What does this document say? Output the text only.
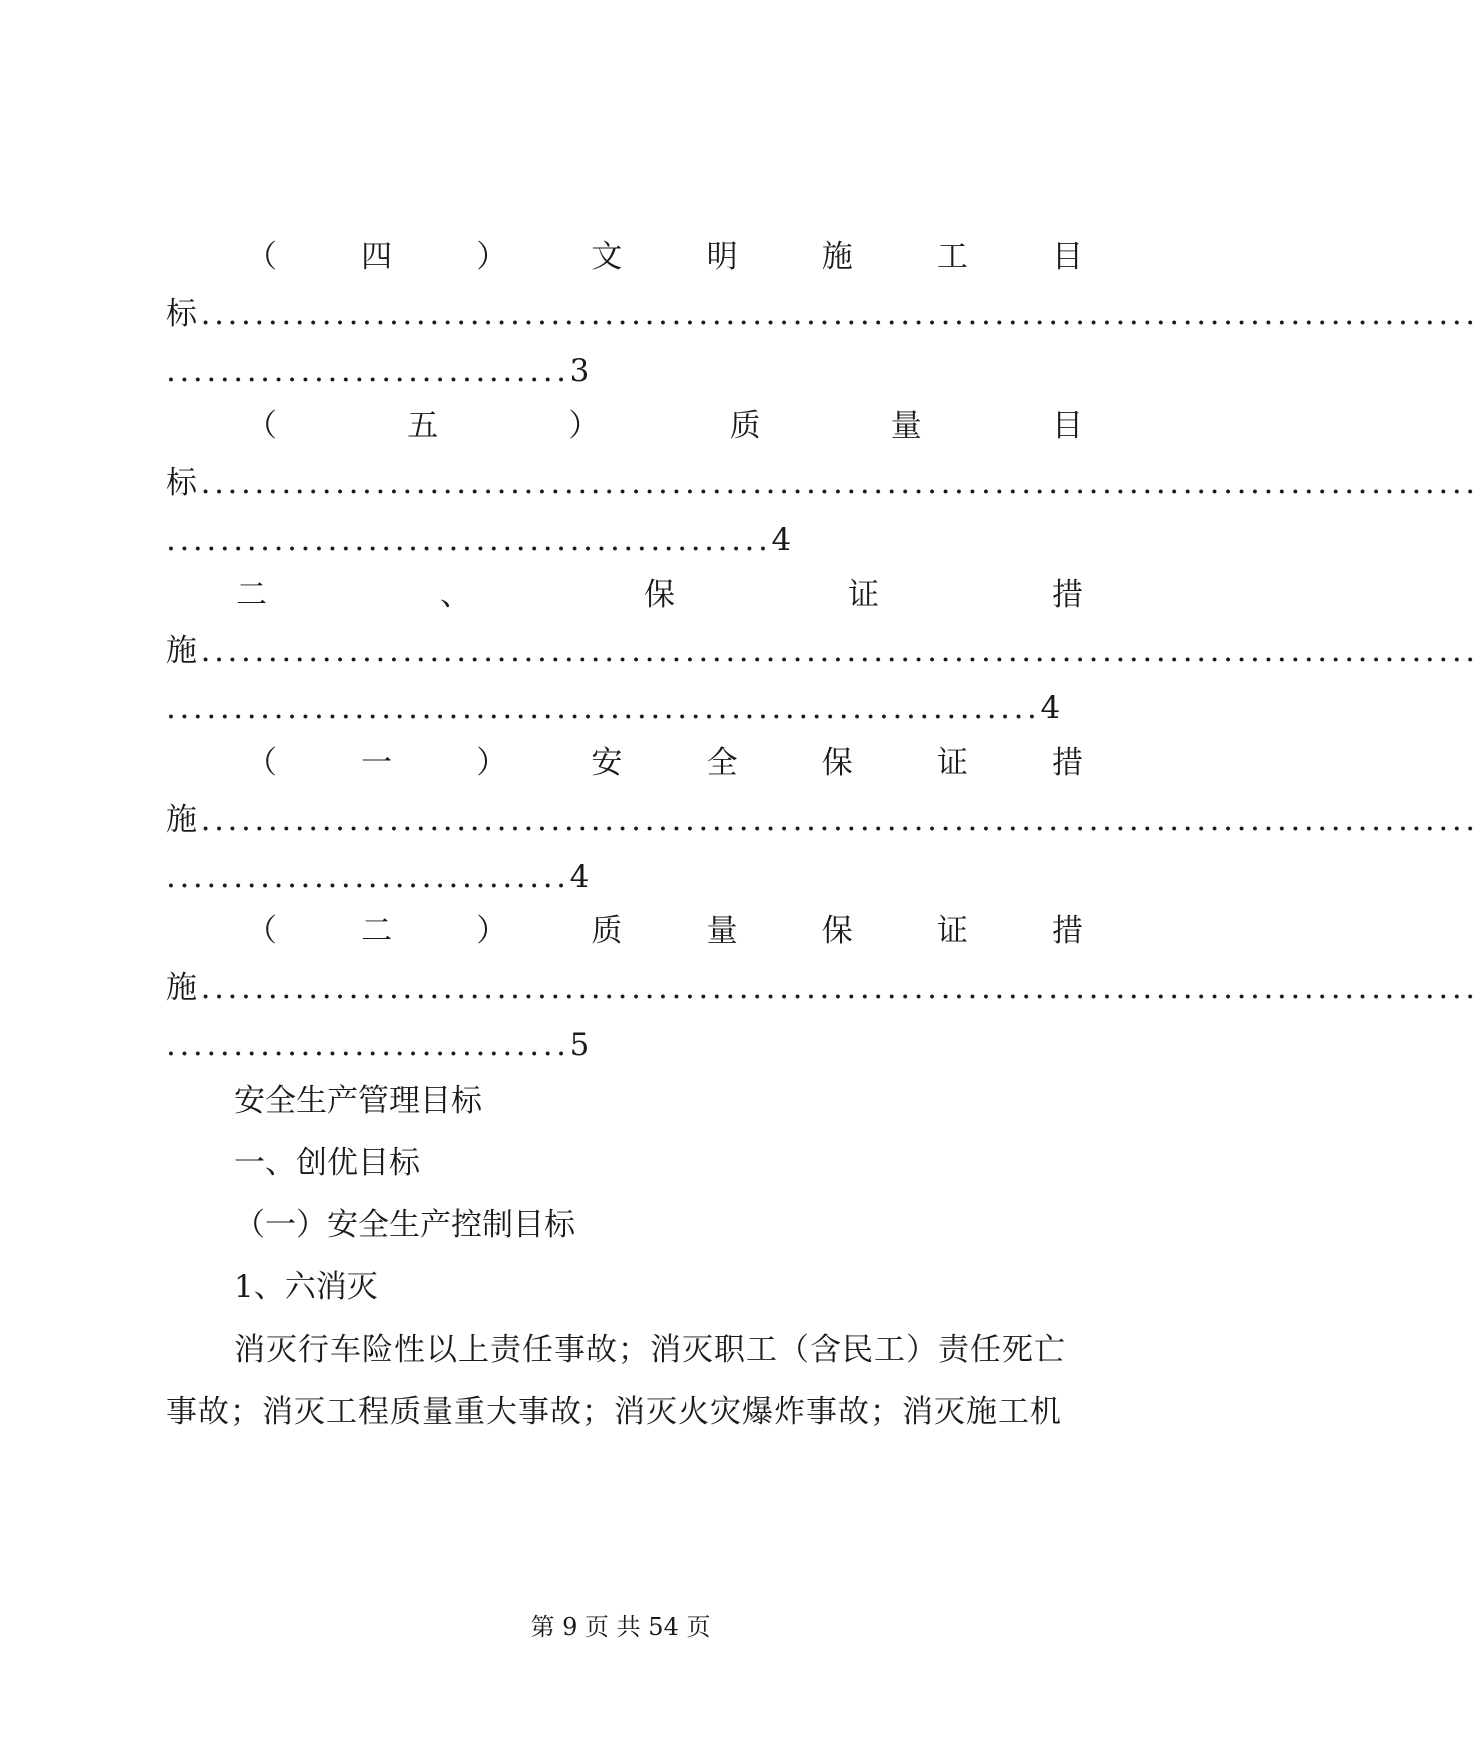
（	四	）	文	明	施	工	目
标...............................................................................................
..............................3
（	五	）	质	量	目
标...............................................................................................
.............................................4
二	、	保	证	措
施...............................................................................................
.................................................................4
（	一	）	安	全	保	证	措
施...............................................................................................
..............................4
（	二	）	质	量	保	证	措
施...............................................................................................
..............................5
安全生产管理目标
一、创优目标
（一）安全生产控制目标
1、六消灭
消灭行车险性以上责任事故；消灭职工（含民工）责任死亡
事故；消灭工程质量重大事故；消灭火灾爆炸事故；消灭施工机
第 9 页 共 54 页
